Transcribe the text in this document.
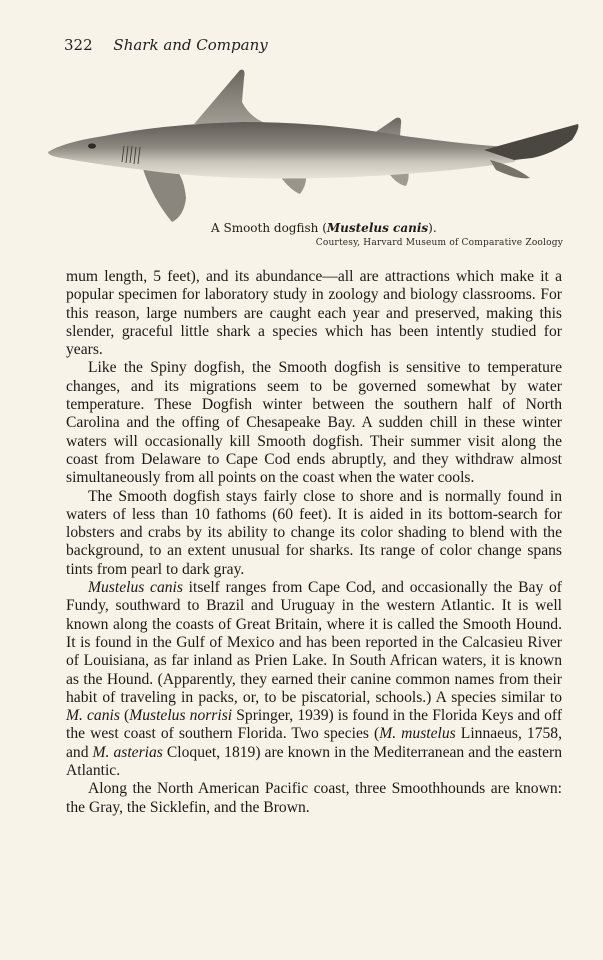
322 Shark and Company
A Smooth dogfish (Mustelus canis).
Courtesy, Harvard Museum of Comparative Zoology

mum length, 5 feet), and its abundance—all are attractions which make it a popular specimen for laboratory study in zoology and biology classrooms. For this reason, large numbers are caught each year and preserved, making this slender, graceful little shark a species which has been intently studied for years.

Like the Spiny dogfish, the Smooth dogfish is sensitive to temperature changes, and its migrations seem to be governed somewhat by water temperature. These Dogfish winter between the southern half of North Carolina and the offing of Chesapeake Bay. A sudden chill in these winter waters will occasionally kill Smooth dogfish. Their summer visit along the coast from Delaware to Cape Cod ends abruptly, and they withdraw almost simultaneously from all points on the coast when the water cools.

The Smooth dogfish stays fairly close to shore and is normally found in waters of less than 10 fathoms (60 feet). It is aided in its bottom-search for lobsters and crabs by its ability to change its color shading to blend with the background, to an extent unusual for sharks. Its range of color change spans tints from pearl to dark gray.

Mustelus canis itself ranges from Cape Cod, and occasionally the Bay of Fundy, southward to Brazil and Uruguay in the western Atlantic. It is well known along the coasts of Great Britain, where it is called the Smooth Hound. It is found in the Gulf of Mexico and has been reported in the Calcasieu River of Louisiana, as far inland as Prien Lake. In South African waters, it is known as the Hound. (Apparently, they earned their canine common names from their habit of traveling in packs, or, to be piscatorial, schools.) A species similar to M. canis (Mustelus norrisi Springer, 1939) is found in the Florida Keys and off the west coast of southern Florida. Two species (M. mustelus Linnaeus, 1758, and M. asterias Cloquet, 1819) are known in the Mediterranean and the eastern Atlantic.

Along the North American Pacific coast, three Smoothhounds are known: the Gray, the Sicklefin, and the Brown.
